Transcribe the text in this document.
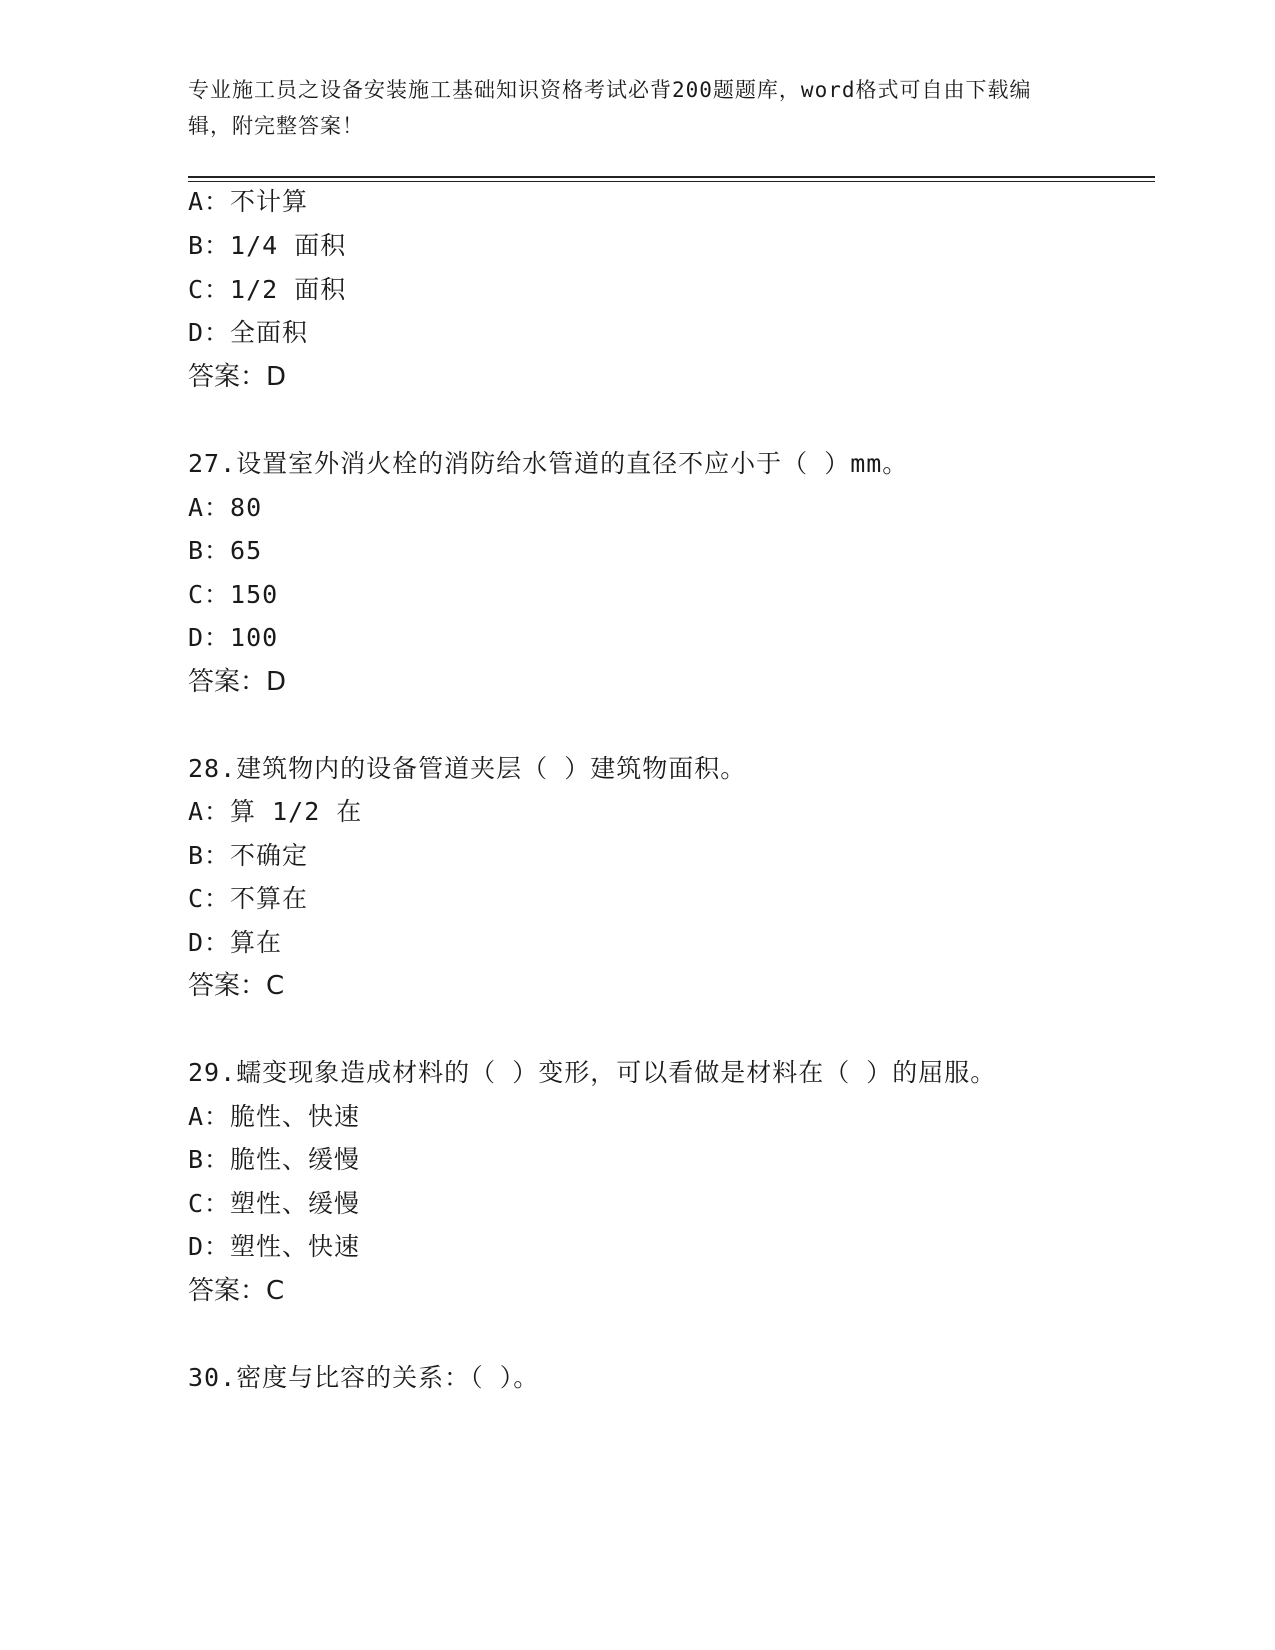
专业施工员之设备安装施工基础知识资格考试必背200题题库，word格式可自由下载编辑，附完整答案！
A：不计算
B：1/4 面积
C：1/2 面积
D：全面积
答案：D
27.设置室外消火栓的消防给水管道的直径不应小于（ ）mm。
A：80
B：65
C：150
D：100
答案：D
28.建筑物内的设备管道夹层（ ）建筑物面积。
A：算 1/2 在
B：不确定
C：不算在
D：算在
答案：C
29.蠕变现象造成材料的（ ）变形，可以看做是材料在（ ）的屈服。
A：脆性、快速
B：脆性、缓慢
C：塑性、缓慢
D：塑性、快速
答案：C
30.密度与比容的关系：（ ）。
